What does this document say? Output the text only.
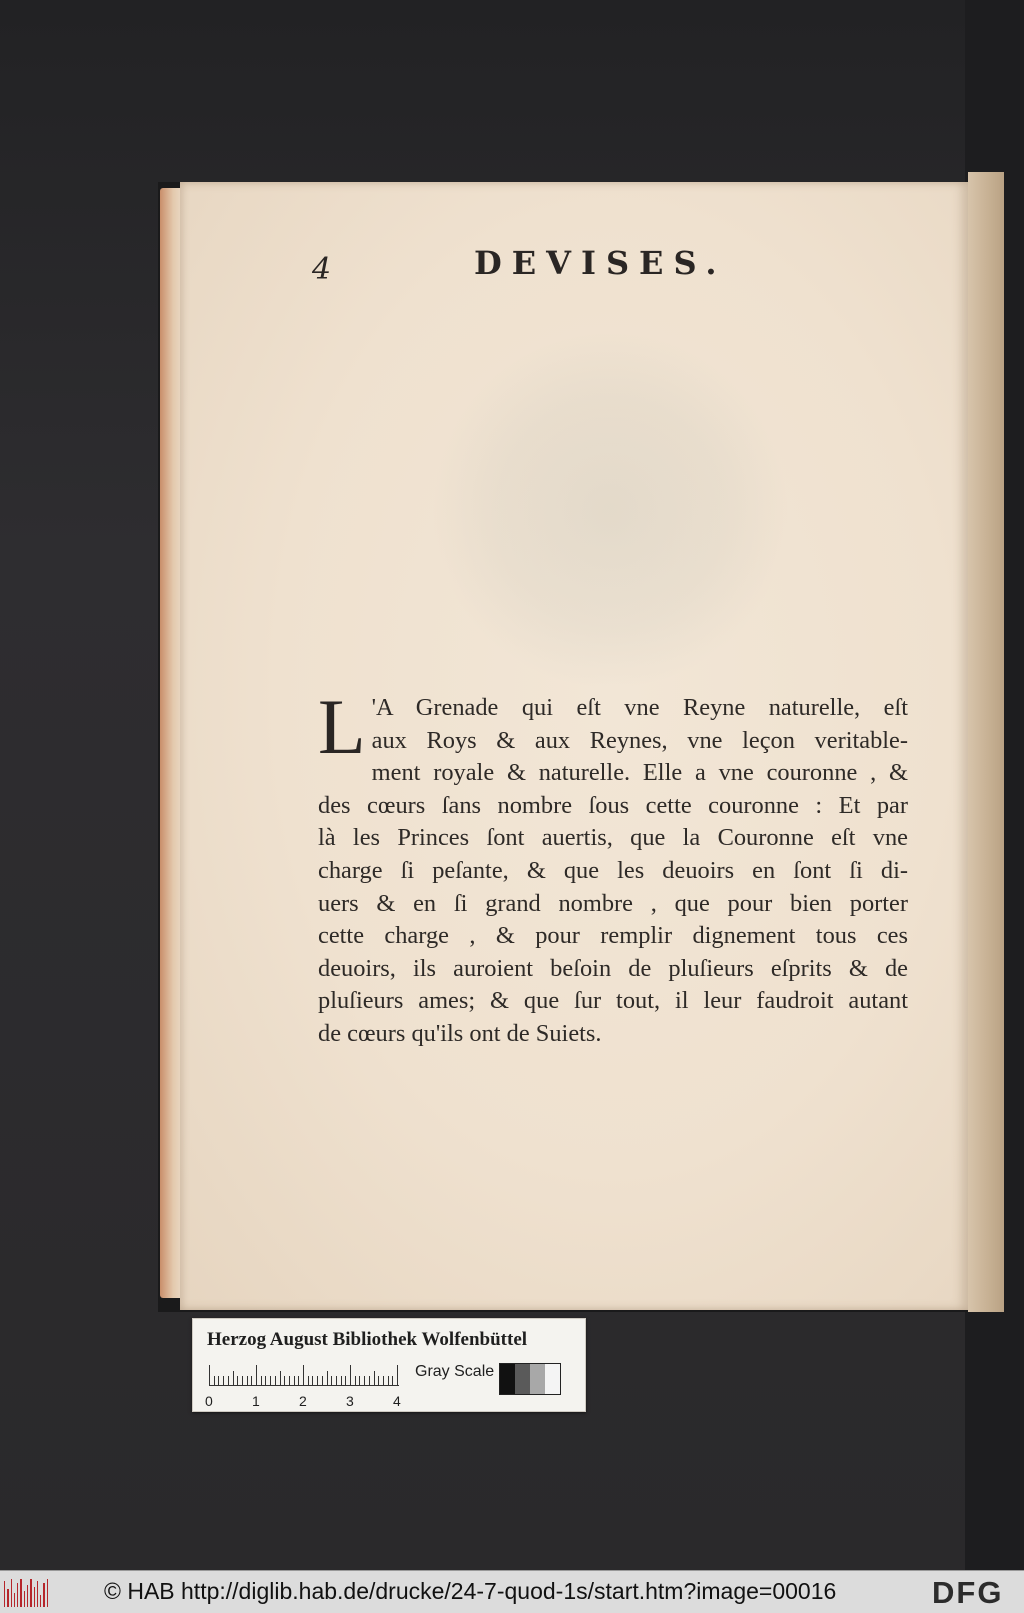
4	DEVISES.
L 'A Grenade qui eſt vne Reyne naturelle, eſt
aux Roys & aux Reynes, vne leçon veritable-
ment royale & naturelle. Elle a vne couronne , &
des cœurs ſans nombre ſous cette couronne : Et par
là les Princes ſont auertis, que la Couronne eſt vne
charge ſi peſante, & que les deuoirs en ſont ſi di-
uers & en ſi grand nombre , que pour bien porter
cette charge , & pour remplir dignement tous ces
deuoirs, ils auroient beſoin de pluſieurs eſprits & de
pluſieurs ames; & que ſur tout, il leur faudroit autant
de cœurs qu'ils ont de Suiets.
Herzog August Bibliothek Wolfenbüttel
Gray Scale
0	1	2	3	4
© HAB http://diglib.hab.de/drucke/24-7-quod-1s/start.htm?image=00016	DFG
